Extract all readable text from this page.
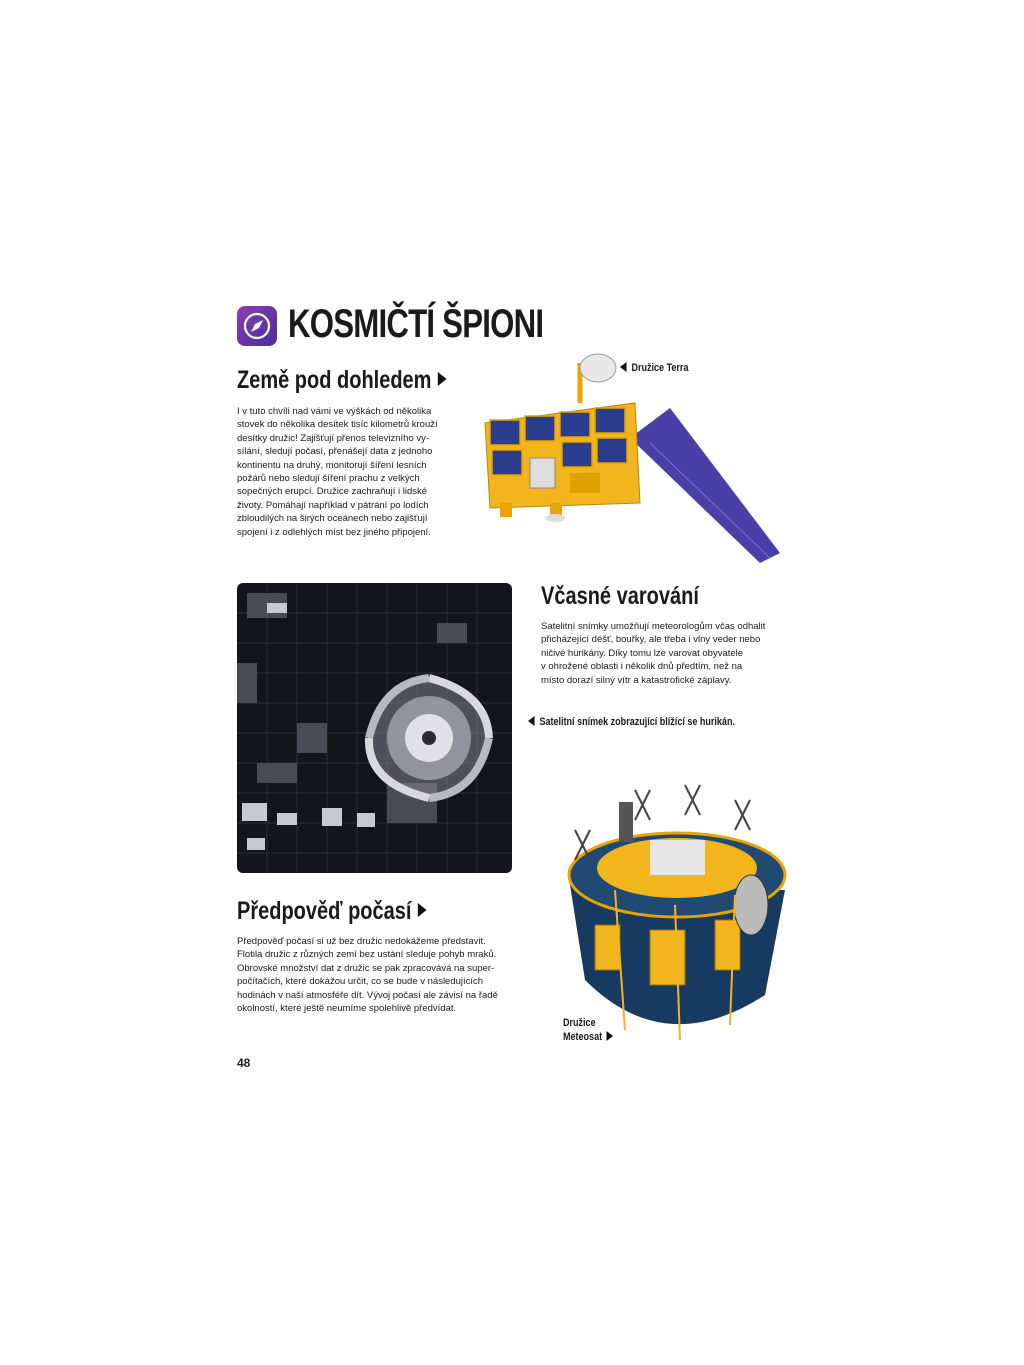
KOSMIČTÍ ŠPIONI
Země pod dohledem
I v tuto chvíli nad vámi ve výškách od několika
stovek do několika desítek tisíc kilometrů krouží
desítky družic! Zajišťují přenos televizního vy-
sílání, sledují počasí, přenášejí data z jednoho
kontinentu na druhý, monitorují šíření lesních
požárů nebo sledují šíření prachu z velkých
sopečných erupcí. Družice zachraňují i lidské
životy. Pomáhají například v pátrání po lodích
zbloudilých na širých oceánech nebo zajišťují
spojení i z odlehlých míst bez jiného připojení.
Družice Terra
Včasné varování
Satelitní snímky umožňují meteorologům včas odhalit
přicházející déšť, bouřky, ale třeba i vlny veder nebo
ničivé hurikány. Díky tomu lze varovat obyvatele
v ohrožené oblasti i několik dnů předtím, než na
místo dorazí silný vítr a katastrofické záplavy.
Satelitní snímek zobrazující blížící se hurikán.
Družice
Meteosat
Předpověď počasí
Předpověď počasí si už bez družic nedokážeme představit.
Flotila družic z různých zemí bez ustání sleduje pohyb mraků.
Obrovské množství dat z družic se pak zpracovává na super-
počítačích, které dokážou určit, co se bude v následujících
hodinách v naší atmosféře dít. Vývoj počasí ale závisí na řadě
okolností, které ještě neumíme spolehlivě předvídat.
48
